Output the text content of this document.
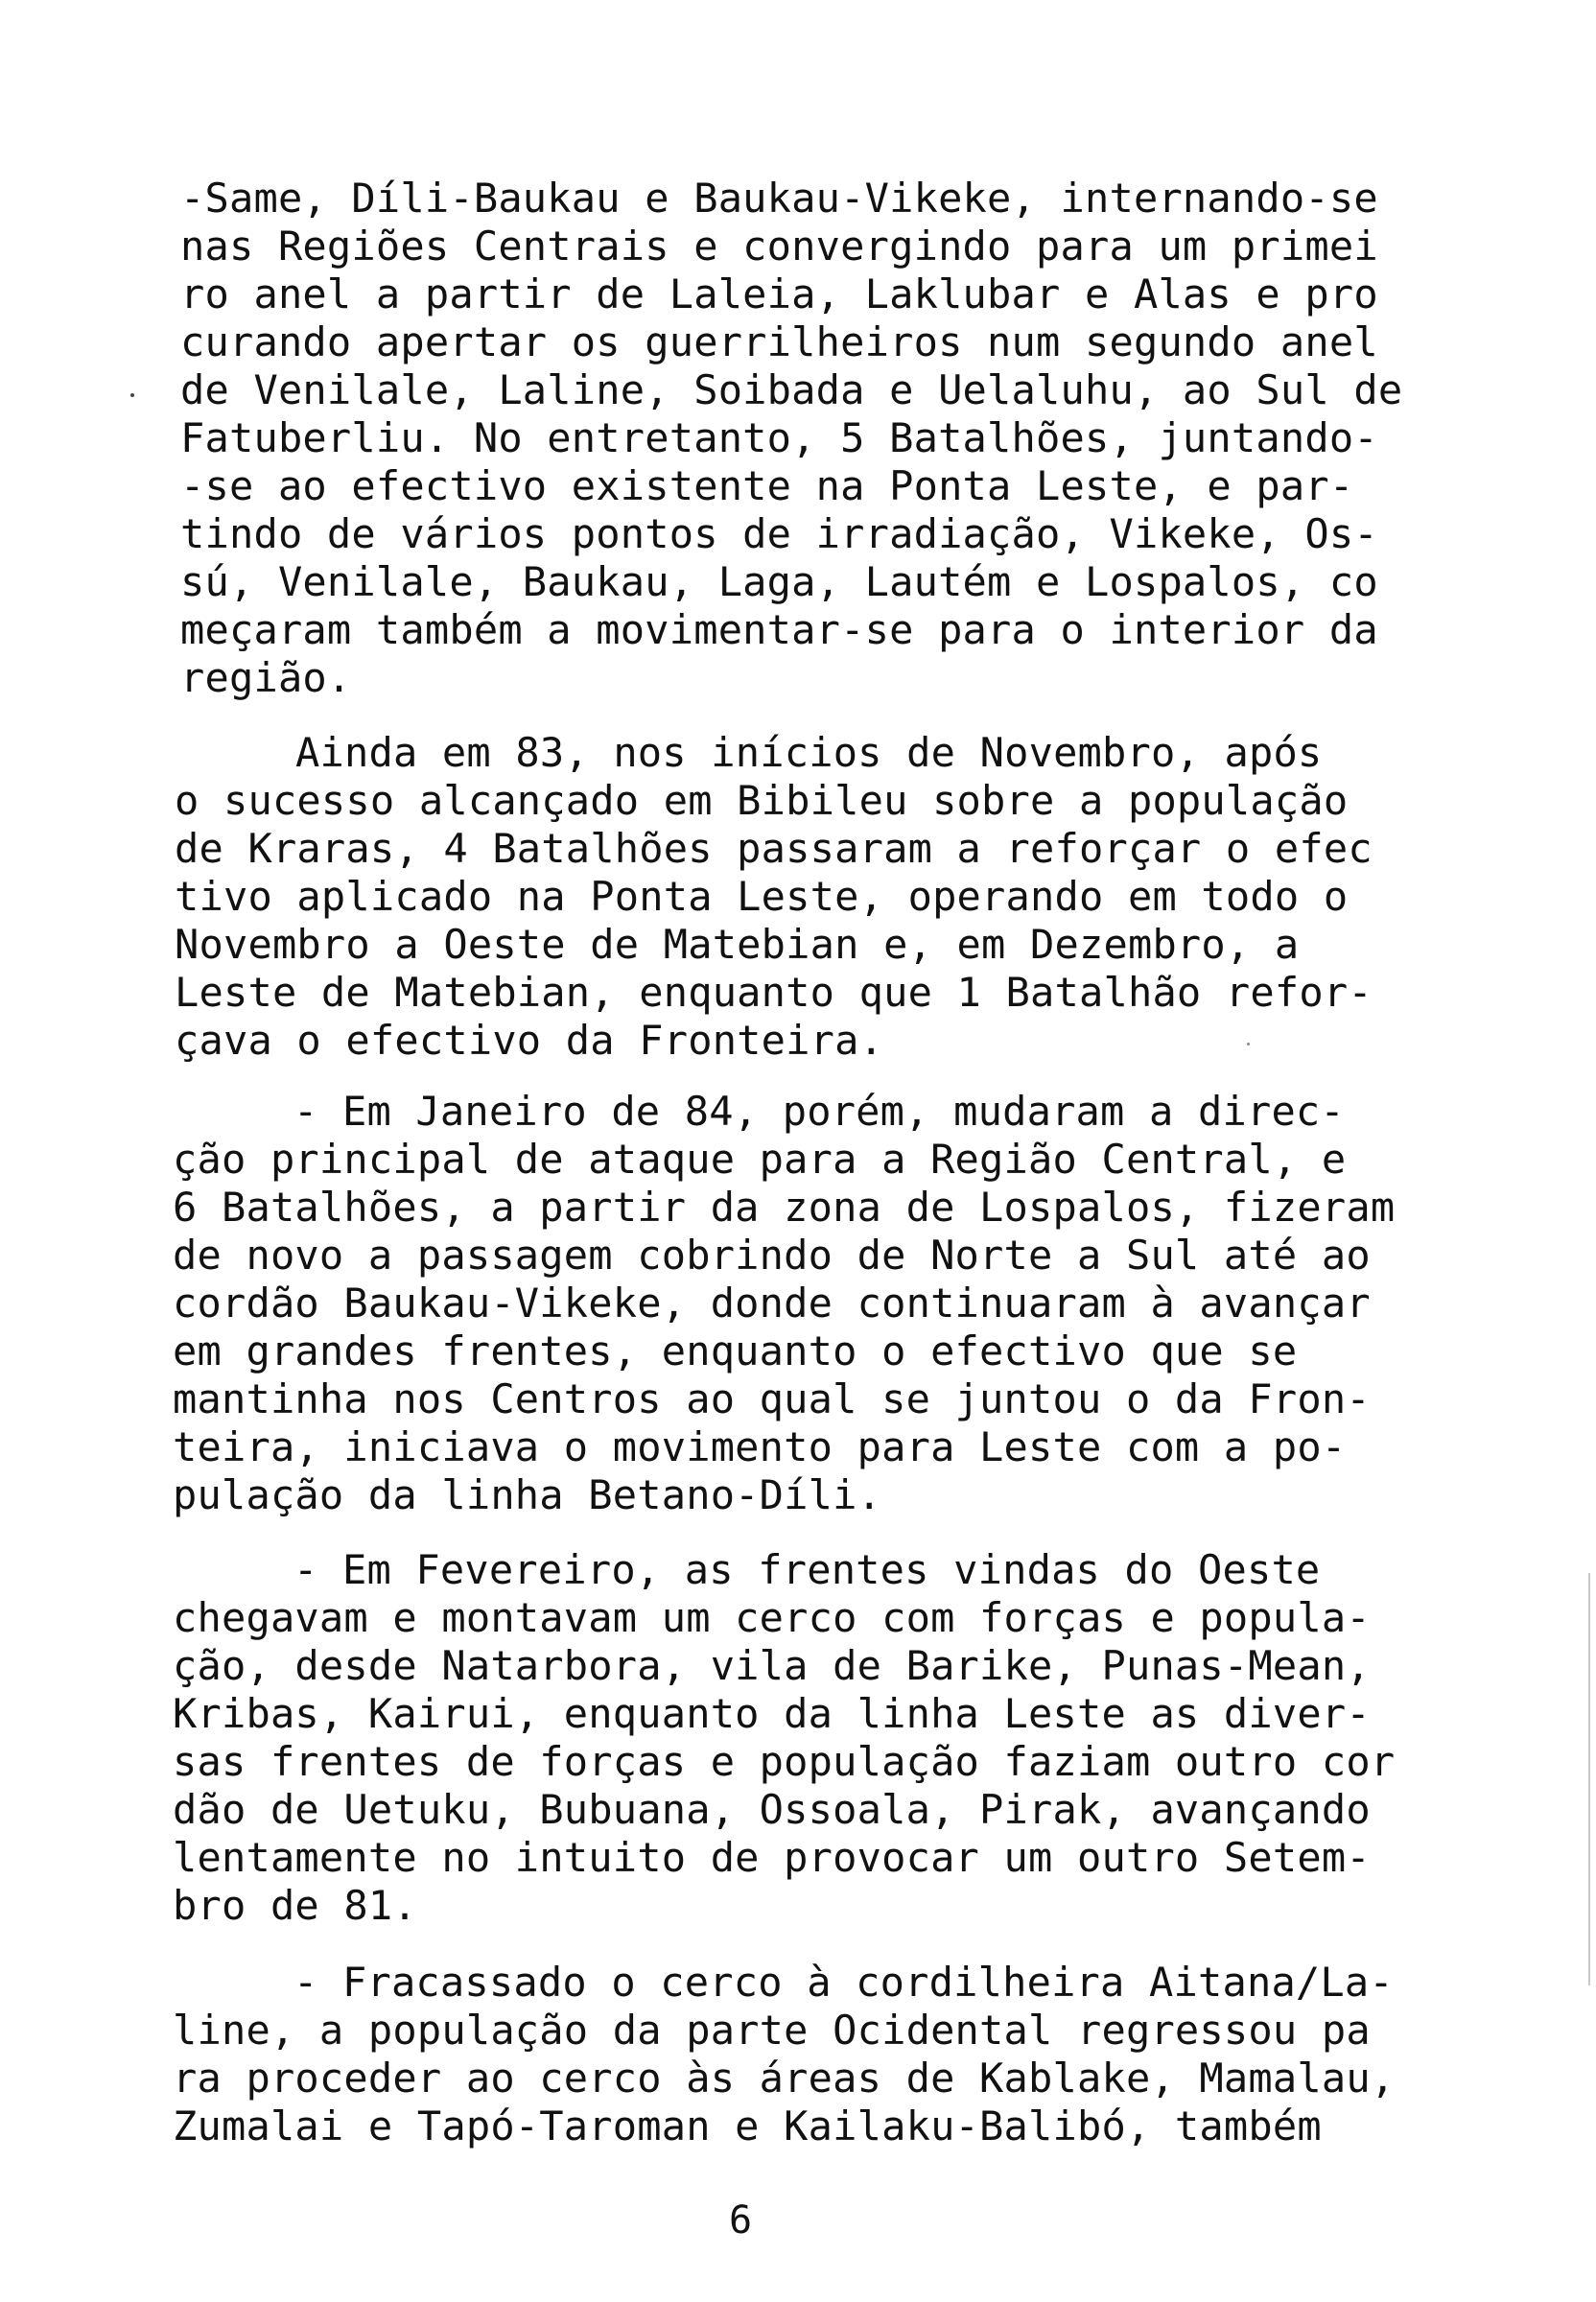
-Same, Díli-Baukau e Baukau-Vikeke, internando-se
nas Regiões Centrais e convergindo para um primei
ro anel a partir de Laleia, Laklubar e Alas e pro
curando apertar os guerrilheiros num segundo anel
de Venilale, Laline, Soibada e Uelaluhu, ao Sul de
Fatuberliu. No entretanto, 5 Batalhões, juntando-
-se ao efectivo existente na Ponta Leste, e par-
tindo de vários pontos de irradiação, Vikeke, Os-
sú, Venilale, Baukau, Laga, Lautém e Lospalos, co
meçaram também a movimentar-se para o interior da
região.
Ainda em 83, nos inícios de Novembro, após
o sucesso alcançado em Bibileu sobre a população
de Kraras, 4 Batalhões passaram a reforçar o efec
tivo aplicado na Ponta Leste, operando em todo o
Novembro a Oeste de Matebian e, em Dezembro, a
Leste de Matebian, enquanto que 1 Batalhão refor-
çava o efectivo da Fronteira.
- Em Janeiro de 84, porém, mudaram a direc-
ção principal de ataque para a Região Central, e
6 Batalhões, a partir da zona de Lospalos, fizeram
de novo a passagem cobrindo de Norte a Sul até ao
cordão Baukau-Vikeke, donde continuaram à avançar
em grandes frentes, enquanto o efectivo que se
mantinha nos Centros ao qual se juntou o da Fron-
teira, iniciava o movimento para Leste com a po-
pulação da linha Betano-Díli.
- Em Fevereiro, as frentes vindas do Oeste
chegavam e montavam um cerco com forças e popula-
ção, desde Natarbora, vila de Barike, Punas-Mean,
Kribas, Kairui, enquanto da linha Leste as diver-
sas frentes de forças e população faziam outro cor
dão de Uetuku, Bubuana, Ossoala, Pirak, avançando
lentamente no intuito de provocar um outro Setem-
bro de 81.
- Fracassado o cerco à cordilheira Aitana/La-
line, a população da parte Ocidental regressou pa
ra proceder ao cerco às áreas de Kablake, Mamalau,
Zumalai e Tapó-Taroman e Kailaku-Balibó, também
6
